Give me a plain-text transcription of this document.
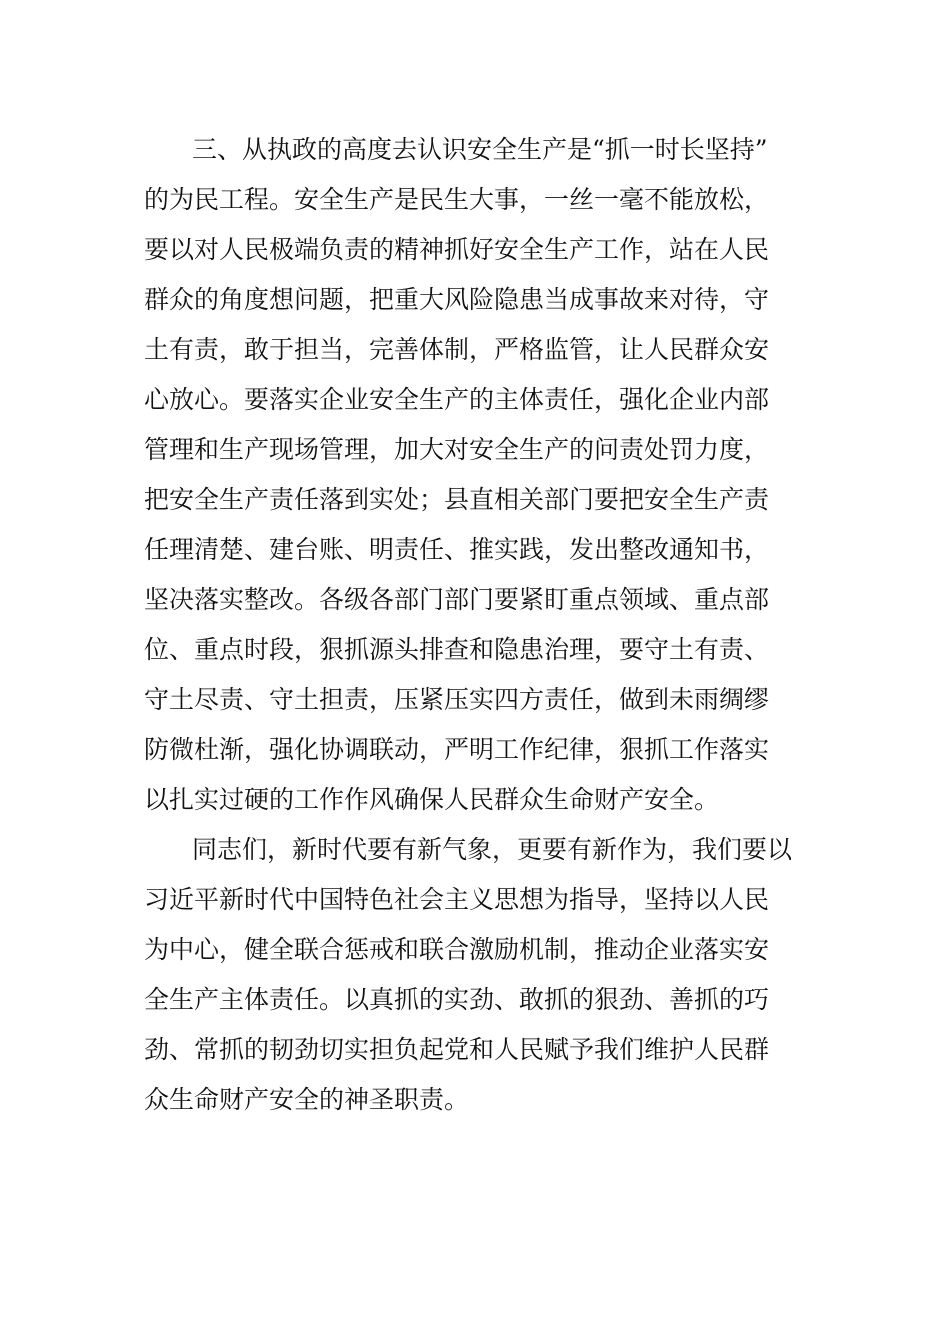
三、从执政的高度去认识安全生产是“抓一时长坚持”
的为民工程。安全生产是民生大事，一丝一毫不能放松，
要以对人民极端负责的精神抓好安全生产工作，站在人民
群众的角度想问题，把重大风险隐患当成事故来对待，守
土有责，敢于担当，完善体制，严格监管，让人民群众安
心放心。要落实企业安全生产的主体责任，强化企业内部
管理和生产现场管理，加大对安全生产的问责处罚力度，
把安全生产责任落到实处；县直相关部门要把安全生产责
任理清楚、建台账、明责任、推实践，发出整改通知书，
坚决落实整改。各级各部门部门要紧盯重点领域、重点部
位、重点时段，狠抓源头排查和隐患治理，要守土有责、
守土尽责、守土担责，压紧压实四方责任，做到未雨绸缪
防微杜渐，强化协调联动，严明工作纪律，狠抓工作落实
以扎实过硬的工作作风确保人民群众生命财产安全。
同志们，新时代要有新气象，更要有新作为，我们要以
习近平新时代中国特色社会主义思想为指导，坚持以人民
为中心，健全联合惩戒和联合激励机制，推动企业落实安
全生产主体责任。以真抓的实劲、敢抓的狠劲、善抓的巧
劲、常抓的韧劲切实担负起党和人民赋予我们维护人民群
众生命财产安全的神圣职责。
